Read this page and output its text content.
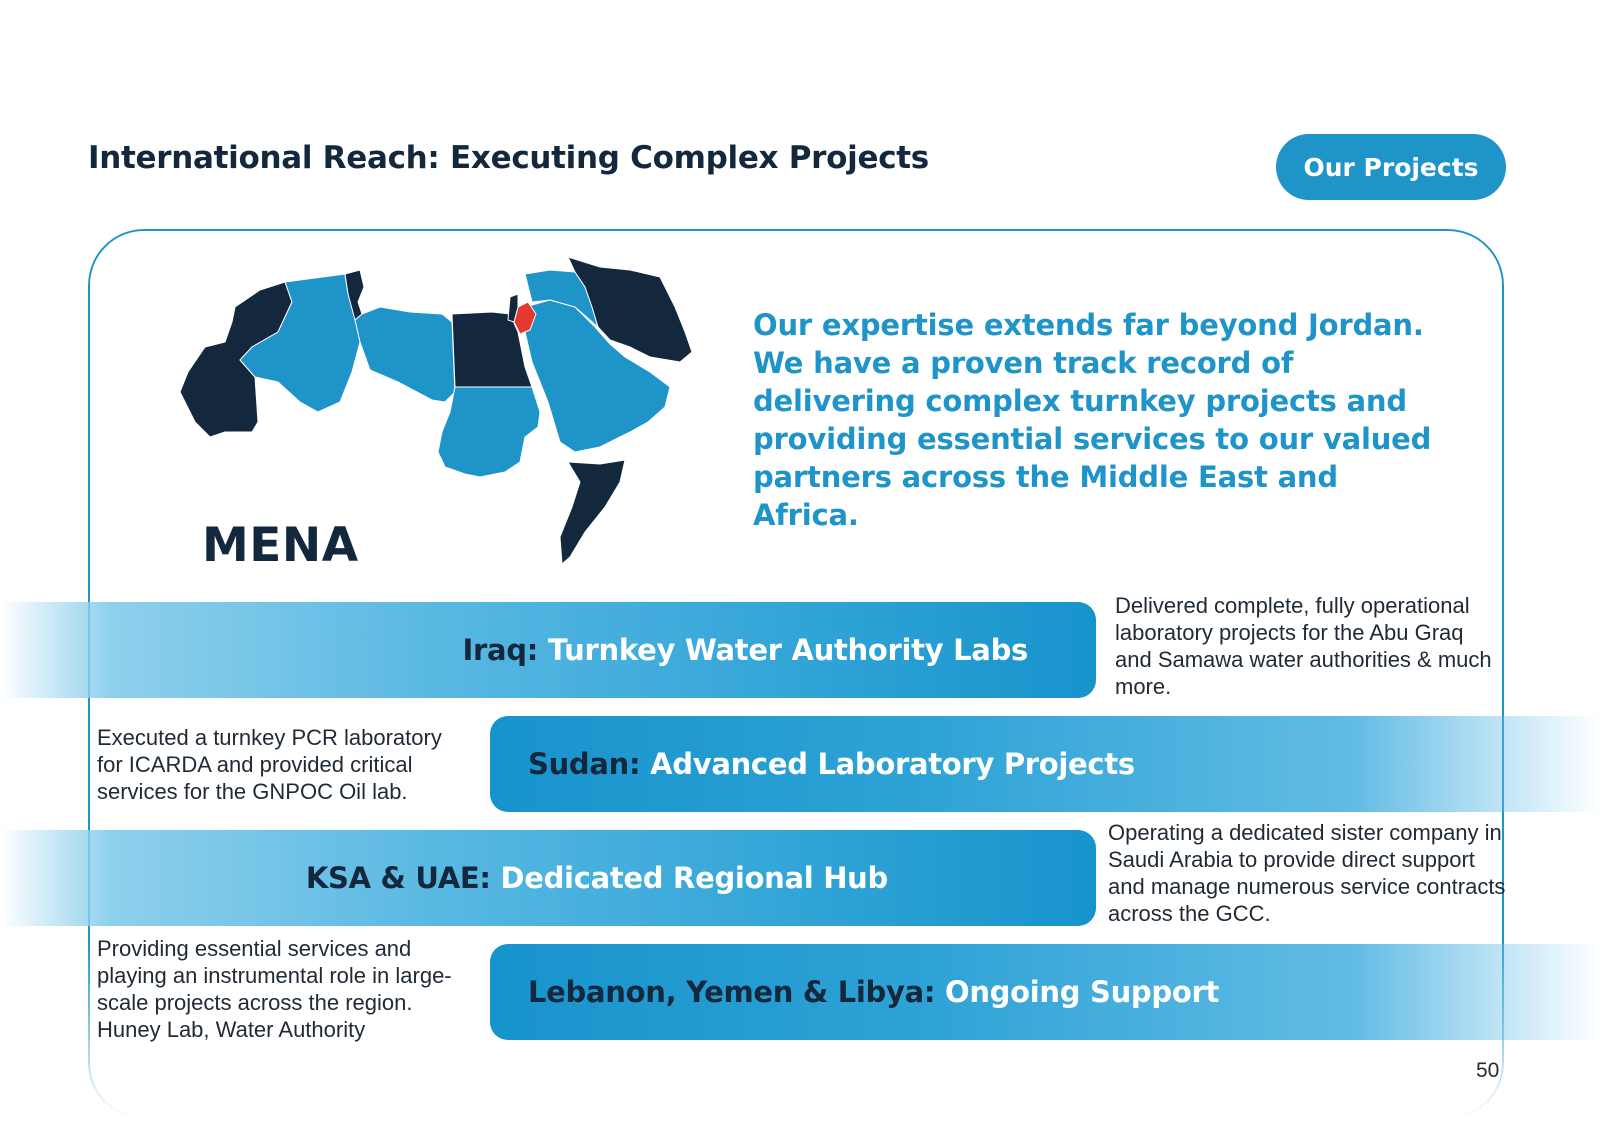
International Reach: Executing Complex Projects	Our Projects
MENA
Our expertise extends far beyond Jordan. We have a proven track record of delivering complex turnkey projects and providing essential services to our valued partners across the Middle East and Africa.
Iraq: Turnkey Water Authority Labs
Delivered complete, fully operational laboratory projects for the Abu Graq and Samawa water authorities & much more.
Sudan: Advanced Laboratory Projects
Executed a turnkey PCR laboratory for ICARDA and provided critical services for the GNPOC Oil lab.
KSA & UAE: Dedicated Regional Hub
Operating a dedicated sister company in Saudi Arabia to provide direct support and manage numerous service contracts across the GCC.
Lebanon, Yemen & Libya: Ongoing Support
Providing essential services and playing an instrumental role in large-scale projects across the region. Huney Lab, Water Authority
50
